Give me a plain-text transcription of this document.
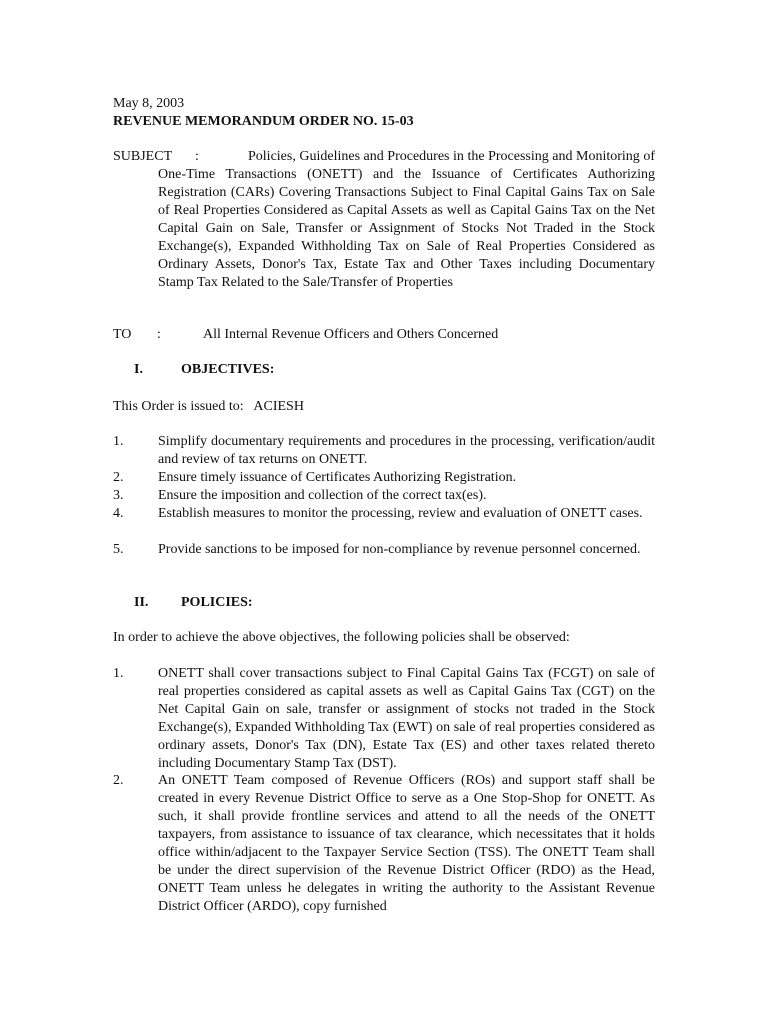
May 8, 2003
REVENUE MEMORANDUM ORDER NO. 15-03
SUBJECT :	Policies, Guidelines and Procedures in the Processing and Monitoring of One-Time Transactions (ONETT) and the Issuance of Certificates Authorizing Registration (CARs) Covering Transactions Subject to Final Capital Gains Tax on Sale of Real Properties Considered as Capital Assets as well as Capital Gains Tax on the Net Capital Gain on Sale, Transfer or Assignment of Stocks Not Traded in the Stock Exchange(s), Expanded Withholding Tax on Sale of Real Properties Considered as Ordinary Assets, Donor's Tax, Estate Tax and Other Taxes including Documentary Stamp Tax Related to the Sale/Transfer of Properties
TO :	All Internal Revenue Officers and Others Concerned
I.	OBJECTIVES:
This Order is issued to:   ACIESH
1.	Simplify documentary requirements and procedures in the processing, verification/audit and review of tax returns on ONETT.
2.	Ensure timely issuance of Certificates Authorizing Registration.
3.	Ensure the imposition and collection of the correct tax(es).
4.	Establish measures to monitor the processing, review and evaluation of ONETT cases.
5.	Provide sanctions to be imposed for non-compliance by revenue personnel concerned.
II. POLICIES:
In order to achieve the above objectives, the following policies shall be observed:
1.	ONETT shall cover transactions subject to Final Capital Gains Tax (FCGT) on sale of real properties considered as capital assets as well as Capital Gains Tax (CGT) on the Net Capital Gain on sale, transfer or assignment of stocks not traded in the Stock Exchange(s), Expanded Withholding Tax (EWT) on sale of real properties considered as ordinary assets, Donor's Tax (DN), Estate Tax (ES) and other taxes related thereto including Documentary Stamp Tax (DST).
2.	An ONETT Team composed of Revenue Officers (ROs) and support staff shall be created in every Revenue District Office to serve as a One Stop-Shop for ONETT. As such, it shall provide frontline services and attend to all the needs of the ONETT taxpayers, from assistance to issuance of tax clearance, which necessitates that it holds office within/adjacent to the Taxpayer Service Section (TSS). The ONETT Team shall be under the direct supervision of the Revenue District Officer (RDO) as the Head, ONETT Team unless he delegates in writing the authority to the Assistant Revenue District Officer (ARDO), copy furnished
